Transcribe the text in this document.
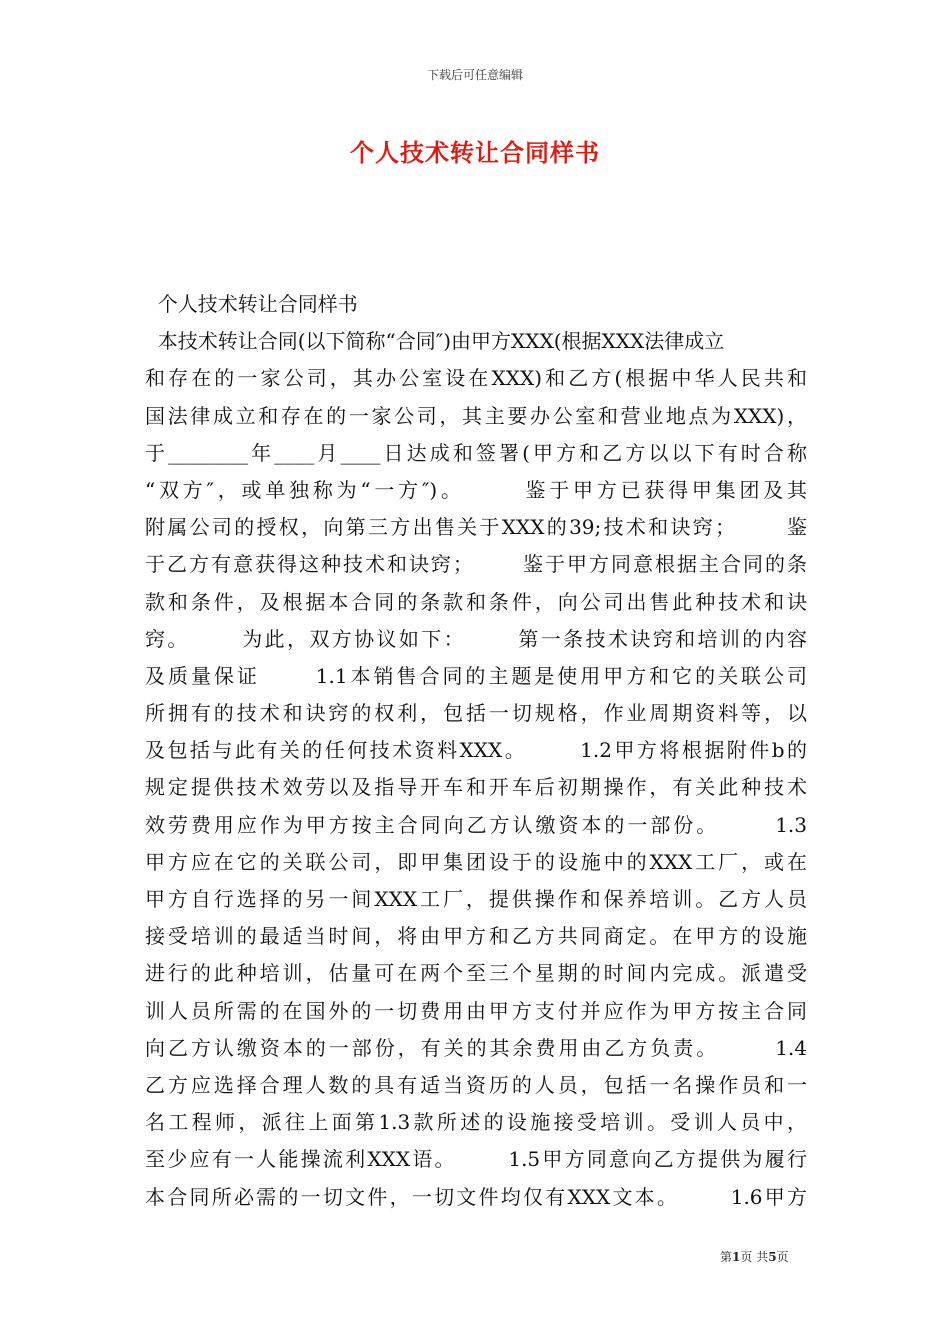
下载后可任意编辑
个人技术转让合同样书
个人技术转让合同样书
本技术转让合同(以下简称“合同″)由甲方XXX(根据XXX法律成立
和存在的一家公司，其办公室设在XXX)和乙方(根据中华人民共和
国法律成立和存在的一家公司，其主要办公室和营业地点为XXX)，
于________年____月____日达成和签署(甲方和乙方以以下有时合称
“双方″，或单独称为“一方″)。      鉴于甲方已获得甲集团及其
附属公司的授权，向第三方出售关于XXX的39;技术和诀窍；      鉴
于乙方有意获得这种技术和诀窍；      鉴于甲方同意根据主合同的条
款和条件，及根据本合同的条款和条件，向公司出售此种技术和诀
窍。      为此，双方协议如下：      第一条技术诀窍和培训的内容
及质量保证      1.1本销售合同的主题是使用甲方和它的关联公司
所拥有的技术和诀窍的权利，包括一切规格，作业周期资料等，以
及包括与此有关的任何技术资料XXX。      1.2甲方将根据附件b的
规定提供技术效劳以及指导开车和开车后初期操作，有关此种技术
效劳费用应作为甲方按主合同向乙方认缴资本的一部份。      1.3
甲方应在它的关联公司，即甲集团设于的设施中的XXX工厂，或在
甲方自行选择的另一间XXX工厂，提供操作和保养培训。乙方人员
接受培训的最适当时间，将由甲方和乙方共同商定。在甲方的设施
进行的此种培训，估量可在两个至三个星期的时间内完成。派遣受
训人员所需的在国外的一切费用由甲方支付并应作为甲方按主合同
向乙方认缴资本的一部份，有关的其余费用由乙方负责。      1.4
乙方应选择合理人数的具有适当资历的人员，包括一名操作员和一
名工程师，派往上面第1.3款所述的设施接受培训。受训人员中，
至少应有一人能操流利XXX语。      1.5甲方同意向乙方提供为履行
本合同所必需的一切文件，一切文件均仅有XXX文本。      1.6甲方
第1页 共5页
